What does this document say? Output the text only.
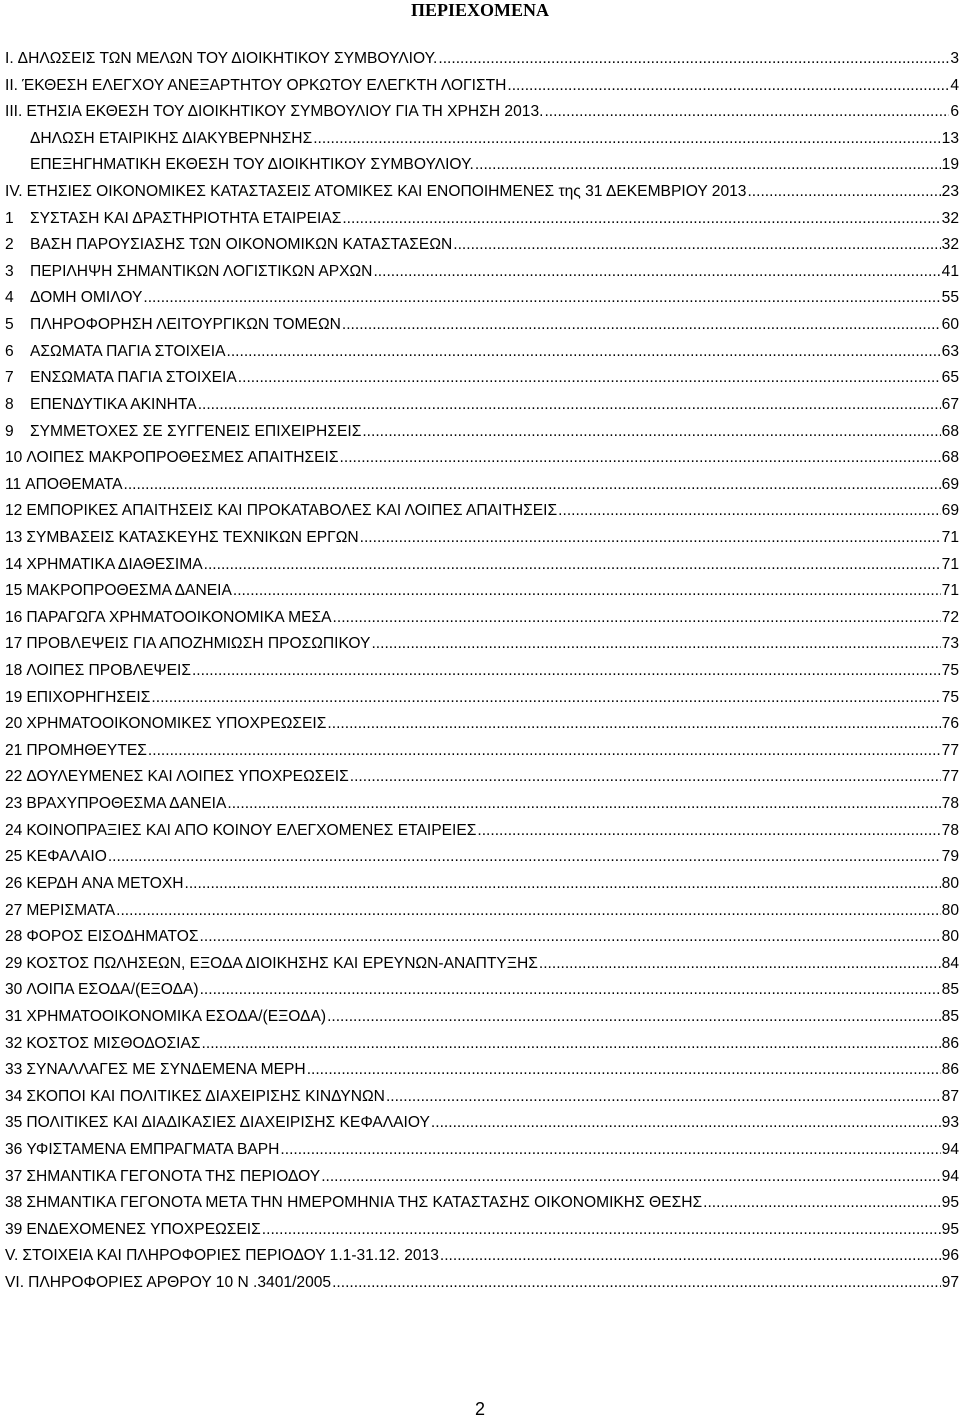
ΠΕΡΙΕΧΟΜΕΝΑ
I. ΔΗΛΩΣΕΙΣ ΤΩΝ ΜΕΛΩΝ ΤΟΥ ΔΙΟΙΚΗΤΙΚΟΥ ΣΥΜΒΟΥΛΙΟΥ. .....	3
II. ΈΚΘΕΣΗ ΕΛΕΓΧΟΥ ΑΝΕΞΑΡΤΗΤΟΥ ΟΡΚΩΤΟΥ ΕΛΕΓΚΤΗ ΛΟΓΙΣΤΗ .....	4
III. ΕΤΗΣΙΑ ΕΚΘΕΣΗ ΤΟΥ ΔΙΟΙΚΗΤΙΚΟΥ ΣΥΜΒΟΥΛΙΟΥ ΓΙΑ ΤΗ ΧΡΗΣΗ 2013. .....	6
ΔΗΛΩΣΗ ΕΤΑΙΡΙΚΗΣ ΔΙΑΚΥΒΕΡΝΗΣΗΣ .....	13
ΕΠΕΞΗΓΗΜΑΤΙΚΗ ΕΚΘΕΣΗ ΤΟΥ ΔΙΟΙΚΗΤΙΚΟΥ ΣΥΜΒΟΥΛΙΟΥ. .....	19
IV. ΕΤΗΣΙΕΣ ΟΙΚΟΝΟΜΙΚΕΣ ΚΑΤΑΣΤΑΣΕΙΣ ΑΤΟΜΙΚΕΣ ΚΑΙ ΕΝΟΠΟΙΗΜΕΝΕΣ της 31 ΔΕΚΕΜΒΡΙΟΥ 2013 .....	23
1 ΣΥΣΤΑΣΗ ΚΑΙ ΔΡΑΣΤΗΡΙΟΤΗΤΑ ΕΤΑΙΡΕΙΑΣ .....	32
2 ΒΑΣΗ ΠΑΡΟΥΣΙΑΣΗΣ ΤΩΝ ΟΙΚΟΝΟΜΙΚΩΝ ΚΑΤΑΣΤΑΣΕΩΝ .....	32
3 ΠΕΡΙΛΗΨΗ ΣΗΜΑΝΤΙΚΩΝ ΛΟΓΙΣΤΙΚΩΝ ΑΡΧΩΝ .....	41
4 ΔΟΜΗ ΟΜΙΛΟΥ .....	55
5 ΠΛΗΡΟΦΟΡΗΣΗ ΛΕΙΤΟΥΡΓΙΚΩΝ ΤΟΜΕΩΝ .....	60
6 ΑΣΩΜΑΤΑ ΠΑΓΙΑ ΣΤΟΙΧΕΙΑ .....	63
7 ΕΝΣΩΜΑΤΑ ΠΑΓΙΑ ΣΤΟΙΧΕΙΑ .....	65
8 ΕΠΕΝΔΥΤΙΚΑ ΑΚΙΝΗΤΑ .....	67
9 ΣΥΜΜΕΤΟΧΕΣ ΣΕ ΣΥΓΓΕΝΕΙΣ ΕΠΙΧΕΙΡΗΣΕΙΣ .....	68
10 ΛΟΙΠΕΣ ΜΑΚΡΟΠΡΟΘΕΣΜΕΣ ΑΠΑΙΤΗΣΕΙΣ .....	68
11 ΑΠΟΘΕΜΑΤΑ .....	69
12 ΕΜΠΟΡΙΚΕΣ ΑΠΑΙΤΗΣΕΙΣ ΚΑΙ ΠΡΟΚΑΤΑΒΟΛΕΣ ΚΑΙ ΛΟΙΠΕΣ ΑΠΑΙΤΗΣΕΙΣ .....	69
13 ΣΥΜΒΑΣΕΙΣ ΚΑΤΑΣΚΕΥΗΣ ΤΕΧΝΙΚΩΝ ΕΡΓΩΝ .....	71
14 ΧΡΗΜΑΤΙΚΑ ΔΙΑΘΕΣΙΜΑ .....	71
15 ΜΑΚΡΟΠΡΟΘΕΣΜΑ ΔΑΝΕΙΑ .....	71
16 ΠΑΡΑΓΩΓΑ ΧΡΗΜΑΤΟΟΙΚΟΝΟΜΙΚΑ ΜΕΣΑ .....	72
17 ΠΡΟΒΛΕΨΕΙΣ ΓΙΑ ΑΠΟΖΗΜΙΩΣΗ ΠΡΟΣΩΠΙΚΟΥ .....	73
18 ΛΟΙΠΕΣ ΠΡΟΒΛΕΨΕΙΣ .....	75
19 ΕΠΙΧΟΡΗΓΗΣΕΙΣ .....	75
20 ΧΡΗΜΑΤΟΟΙΚΟΝΟΜΙΚΕΣ ΥΠΟΧΡΕΩΣΕΙΣ .....	76
21 ΠΡΟΜΗΘΕΥΤΕΣ .....	77
22 ΔΟΥΛΕΥΜΕΝΕΣ ΚΑΙ ΛΟΙΠΕΣ ΥΠΟΧΡΕΩΣΕΙΣ .....	77
23 ΒΡΑΧΥΠΡΟΘΕΣΜΑ ΔΑΝΕΙΑ .....	78
24 ΚΟΙΝΟΠΡΑΞΙΕΣ ΚΑΙ ΑΠΟ ΚΟΙΝΟΥ ΕΛΕΓΧΟΜΕΝΕΣ ΕΤΑΙΡΕΙΕΣ .....	78
25 ΚΕΦΑΛΑΙΟ .....	79
26 ΚΕΡΔΗ ΑΝΑ ΜΕΤΟΧΗ .....	80
27 ΜΕΡΙΣΜΑΤΑ .....	80
28 ΦΟΡΟΣ ΕΙΣΟΔΗΜΑΤΟΣ .....	80
29 ΚΟΣΤΟΣ ΠΩΛΗΣΕΩΝ, ΕΞΟΔΑ ΔΙΟΙΚΗΣΗΣ ΚΑΙ ΕΡΕΥΝΩΝ-ΑΝΑΠΤΥΞΗΣ .....	84
30 ΛΟΙΠΑ ΕΣΟΔΑ/(ΕΞΟΔΑ) .....	85
31 ΧΡΗΜΑΤΟΟΙΚΟΝΟΜΙΚΑ ΕΣΟΔΑ/(ΕΞΟΔΑ) .....	85
32 ΚΟΣΤΟΣ ΜΙΣΘΟΔΟΣΙΑΣ .....	86
33 ΣΥΝΑΛΛΑΓΕΣ ΜΕ ΣΥΝΔΕΜΕΝΑ ΜΕΡΗ .....	86
34 ΣΚΟΠΟΙ ΚΑΙ ΠΟΛΙΤΙΚΕΣ ΔΙΑΧΕΙΡΙΣΗΣ ΚΙΝΔΥΝΩΝ .....	87
35 ΠΟΛΙΤΙΚΕΣ ΚΑΙ ΔΙΑΔΙΚΑΣΙΕΣ ΔΙΑΧΕΙΡΙΣΗΣ ΚΕΦΑΛΑΙΟΥ .....	93
36 ΥΦΙΣΤΑΜΕΝΑ ΕΜΠΡΑΓΜΑΤΑ ΒΑΡΗ .....	94
37 ΣΗΜΑΝΤΙΚΑ ΓΕΓΟΝΟΤΑ ΤΗΣ ΠΕΡΙΟΔΟΥ .....	94
38 ΣΗΜΑΝΤΙΚΑ ΓΕΓΟΝΟΤΑ ΜΕΤΑ ΤΗΝ ΗΜΕΡΟΜΗΝΙΑ ΤΗΣ ΚΑΤΑΣΤΑΣΗΣ ΟΙΚΟΝΟΜΙΚΗΣ ΘΕΣΗΣ .....	95
39 ΕΝΔΕΧΟΜΕΝΕΣ ΥΠΟΧΡΕΩΣΕΙΣ .....	95
V. ΣΤΟΙΧΕΙΑ ΚΑΙ ΠΛΗΡΟΦΟΡΙΕΣ ΠΕΡΙΟΔΟΥ 1.1-31.12. 2013 .....	96
VI. ΠΛΗΡΟΦΟΡΙΕΣ ΑΡΘΡΟΥ 10 Ν .3401/2005 .....	97
2
